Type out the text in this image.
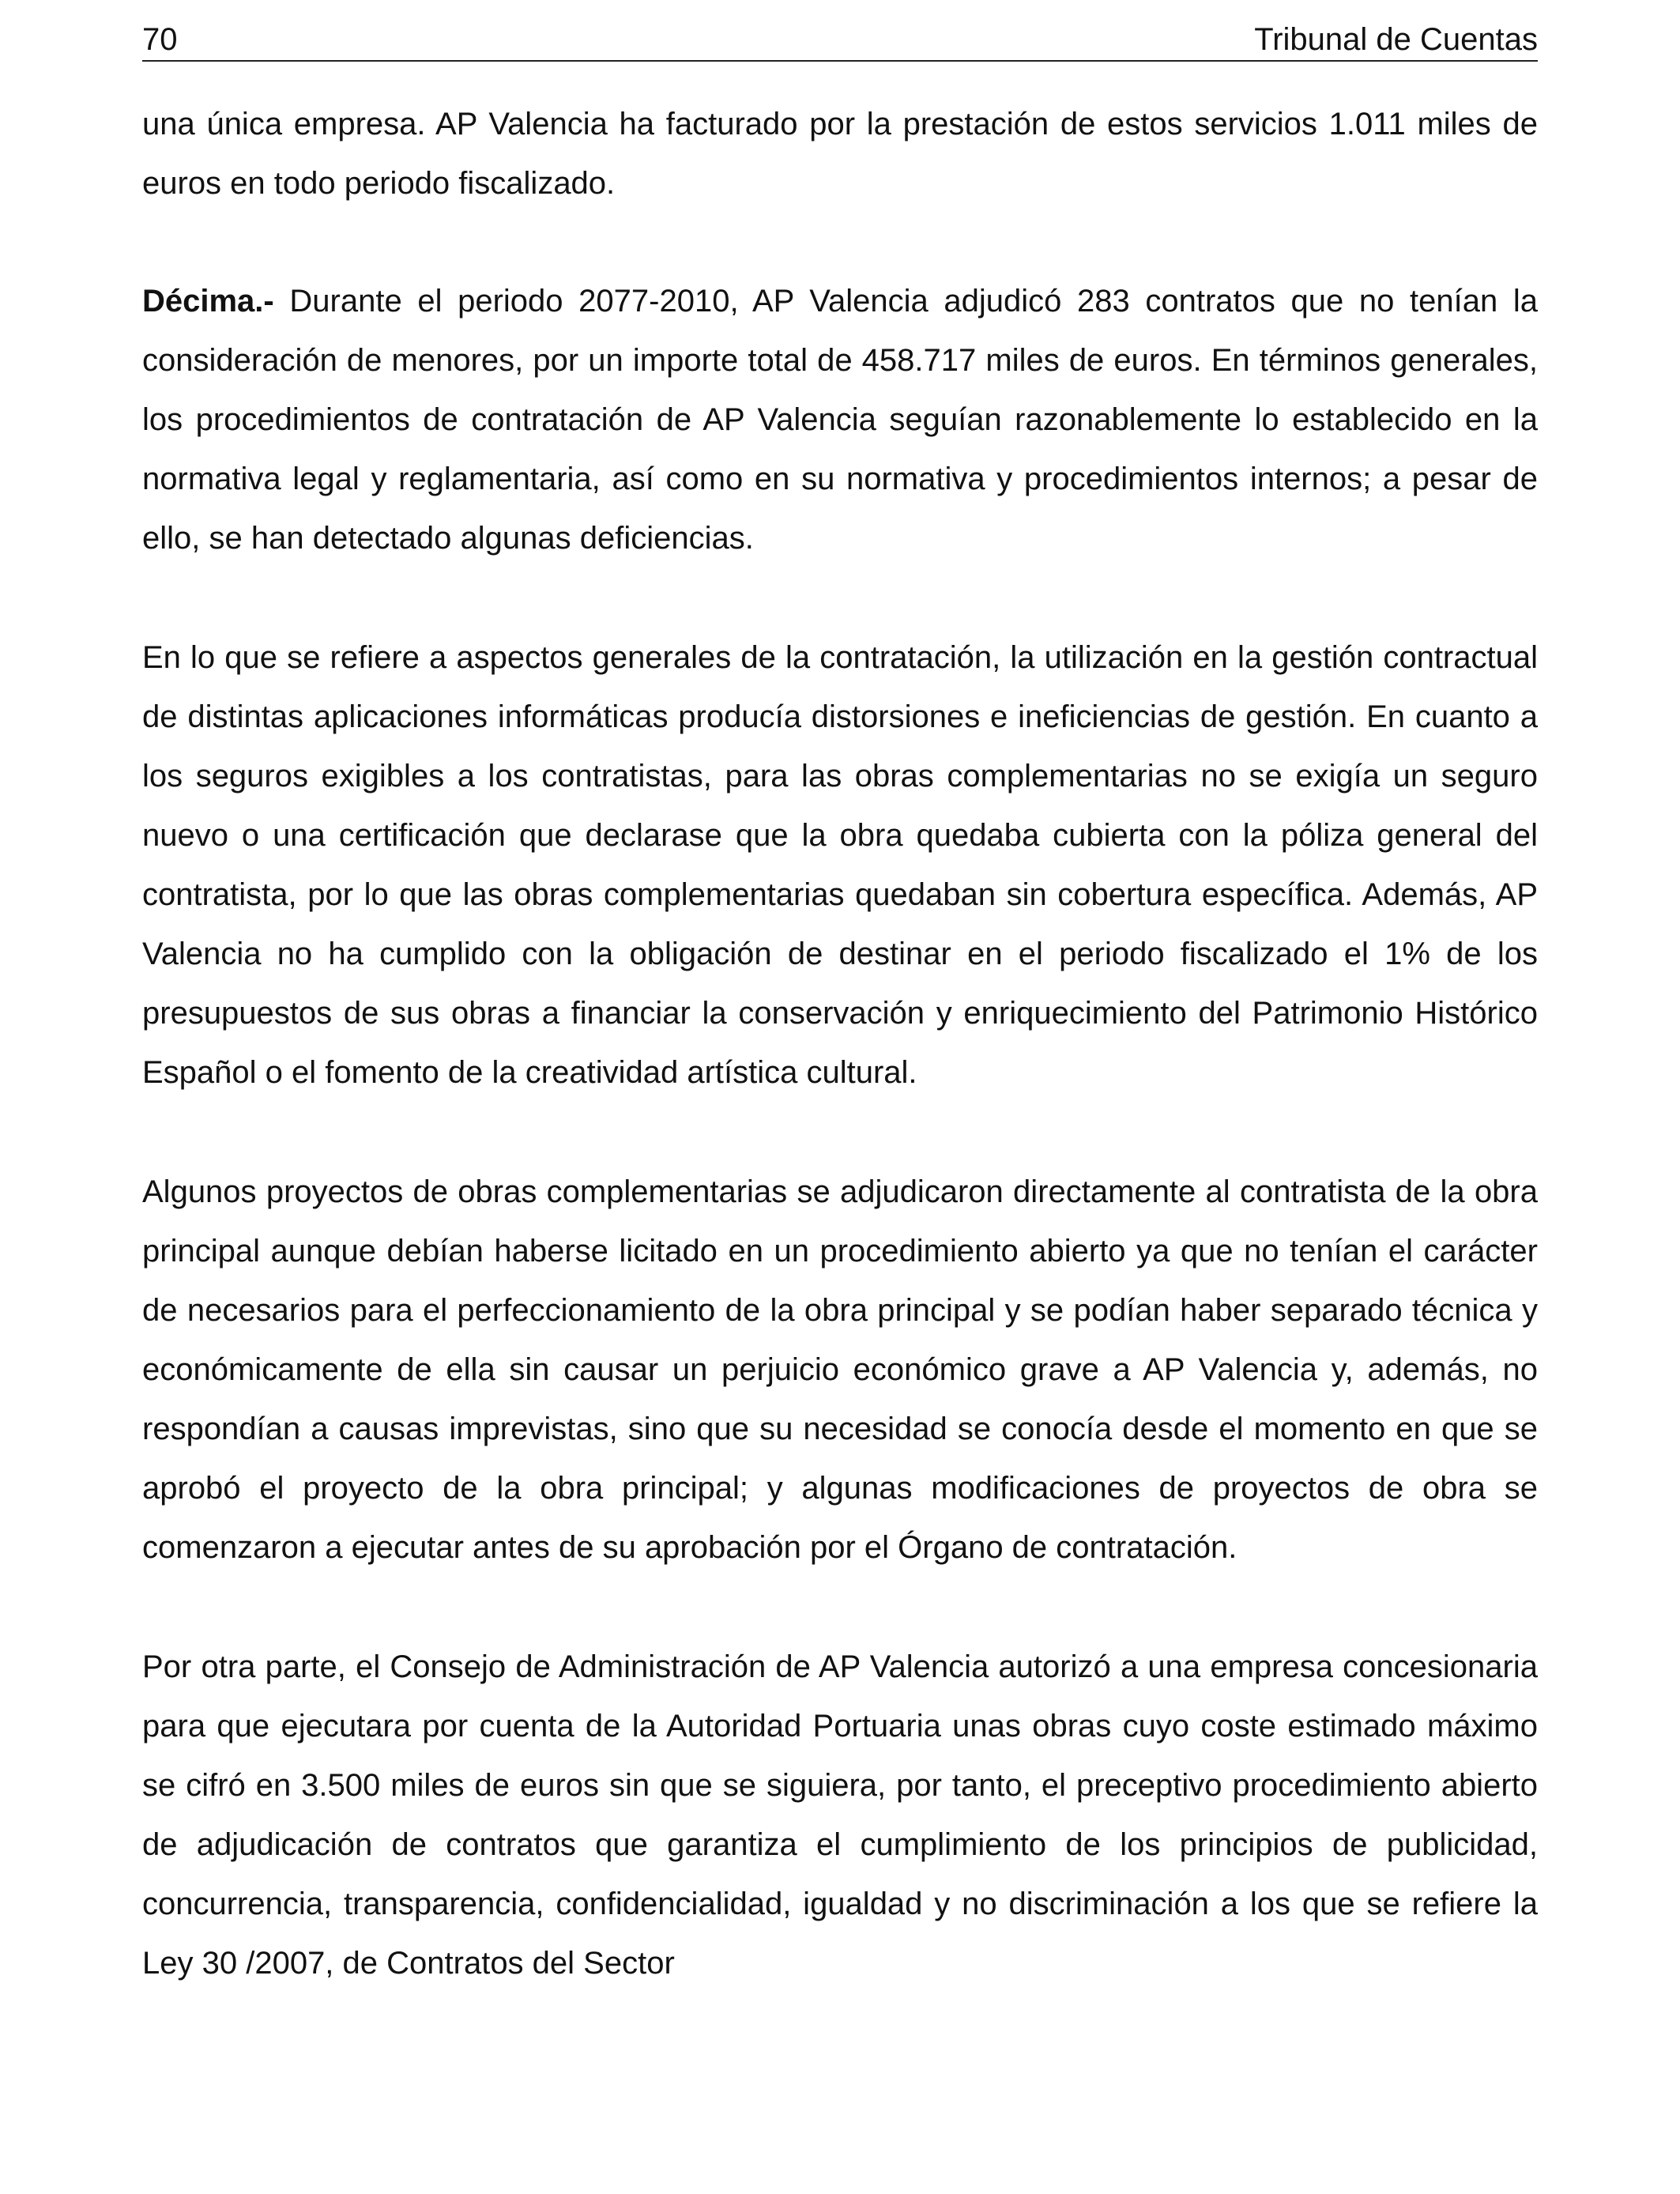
70	Tribunal de Cuentas

una única empresa. AP Valencia ha facturado por la prestación de estos servicios 1.011 miles de euros en todo periodo fiscalizado.

Décima.- Durante el periodo 2077-2010, AP Valencia adjudicó 283 contratos que no tenían la consideración de menores, por un importe total de 458.717 miles de euros. En términos generales, los procedimientos de contratación de AP Valencia seguían razonablemente lo establecido en la normativa legal y reglamentaria, así como en su normativa y procedimientos internos; a pesar de ello, se han detectado algunas deficiencias.

En lo que se refiere a aspectos generales de la contratación, la utilización en la gestión contractual de distintas aplicaciones informáticas producía distorsiones e ineficiencias de gestión. En cuanto a los seguros exigibles a los contratistas, para las obras complementarias no se exigía un seguro nuevo o una certificación que declarase que la obra quedaba cubierta con la póliza general del contratista, por lo que las obras complementarias quedaban sin cobertura específica. Además, AP Valencia no ha cumplido con la obligación de destinar en el periodo fiscalizado el 1% de los presupuestos de sus obras a financiar la conservación y enriquecimiento del Patrimonio Histórico Español o el fomento de la creatividad artística cultural.

Algunos proyectos de obras complementarias se adjudicaron directamente al contratista de la obra principal aunque debían haberse licitado en un procedimiento abierto ya que no tenían el carácter de necesarios para el perfeccionamiento de la obra principal y se podían haber separado técnica y económicamente de ella sin causar un perjuicio económico grave a AP Valencia y, además, no respondían a causas imprevistas, sino que su necesidad se conocía desde el momento en que se aprobó el proyecto de la obra principal; y algunas modificaciones de proyectos de obra se comenzaron a ejecutar antes de su aprobación por el Órgano de contratación.

Por otra parte, el Consejo de Administración de AP Valencia autorizó a una empresa concesionaria para que ejecutara por cuenta de la Autoridad Portuaria unas obras cuyo coste estimado máximo se cifró en 3.500 miles de euros sin que se siguiera, por tanto, el preceptivo procedimiento abierto de adjudicación de contratos que garantiza el cumplimiento de los principios de publicidad, concurrencia, transparencia, confidencialidad, igualdad y no discriminación a los que se refiere la Ley 30 /2007, de Contratos del Sector
